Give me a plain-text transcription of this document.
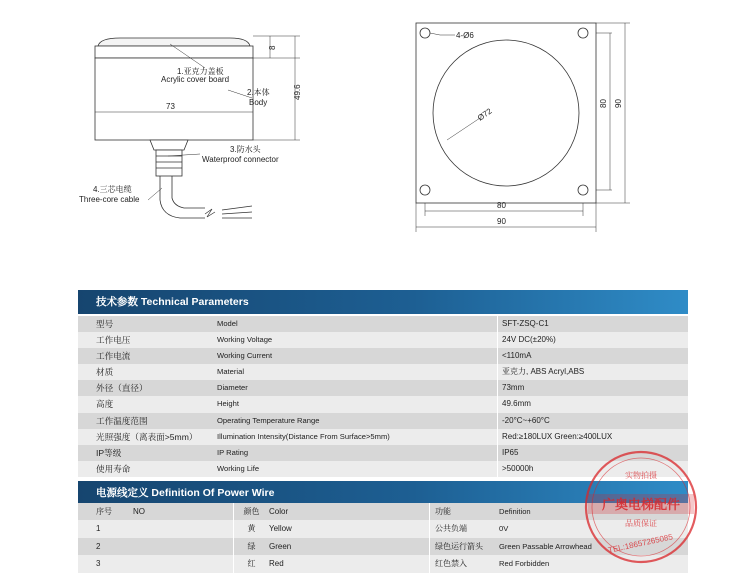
8
49.6
73
1.亚克力盖板
Acrylic cover board
2.本体
Body
3.防水头
Waterproof connector
4.三芯电缆
Three-core cable
4-Ø6
Ø72
80 90
80
90
技术参数 Technical Parameters
型号	Model	SFT-ZSQ-C1
工作电压	Working Voltage	24V DC(±20%)
工作电流	Working Current	<110mA
材质	Material	亚克力, ABS Acryl,ABS
外径（直径）	Diameter	73mm
高度	Height	49.6mm
工作温度范围	Operating Temperature Range	-20°C~+60°C
光照强度（离表面>5mm）	Illumination Intensity(Distance From Surface>5mm)	Red:≥180LUX Green:≥400LUX
IP等级	IP Rating	IP65
使用寿命	Working Life	>50000h
电源线定义 Definition Of Power Wire
序号	NO	颜色	Color	功能	Definition
1	黄	Yellow	公共负端	0V
2	绿	Green	绿色运行箭头	Green Passable Arrowhead
3	红	Red	红色禁入	Red Forbidden
实物拍摄
广奥电梯配件
品质保证
TEL:18657265085
